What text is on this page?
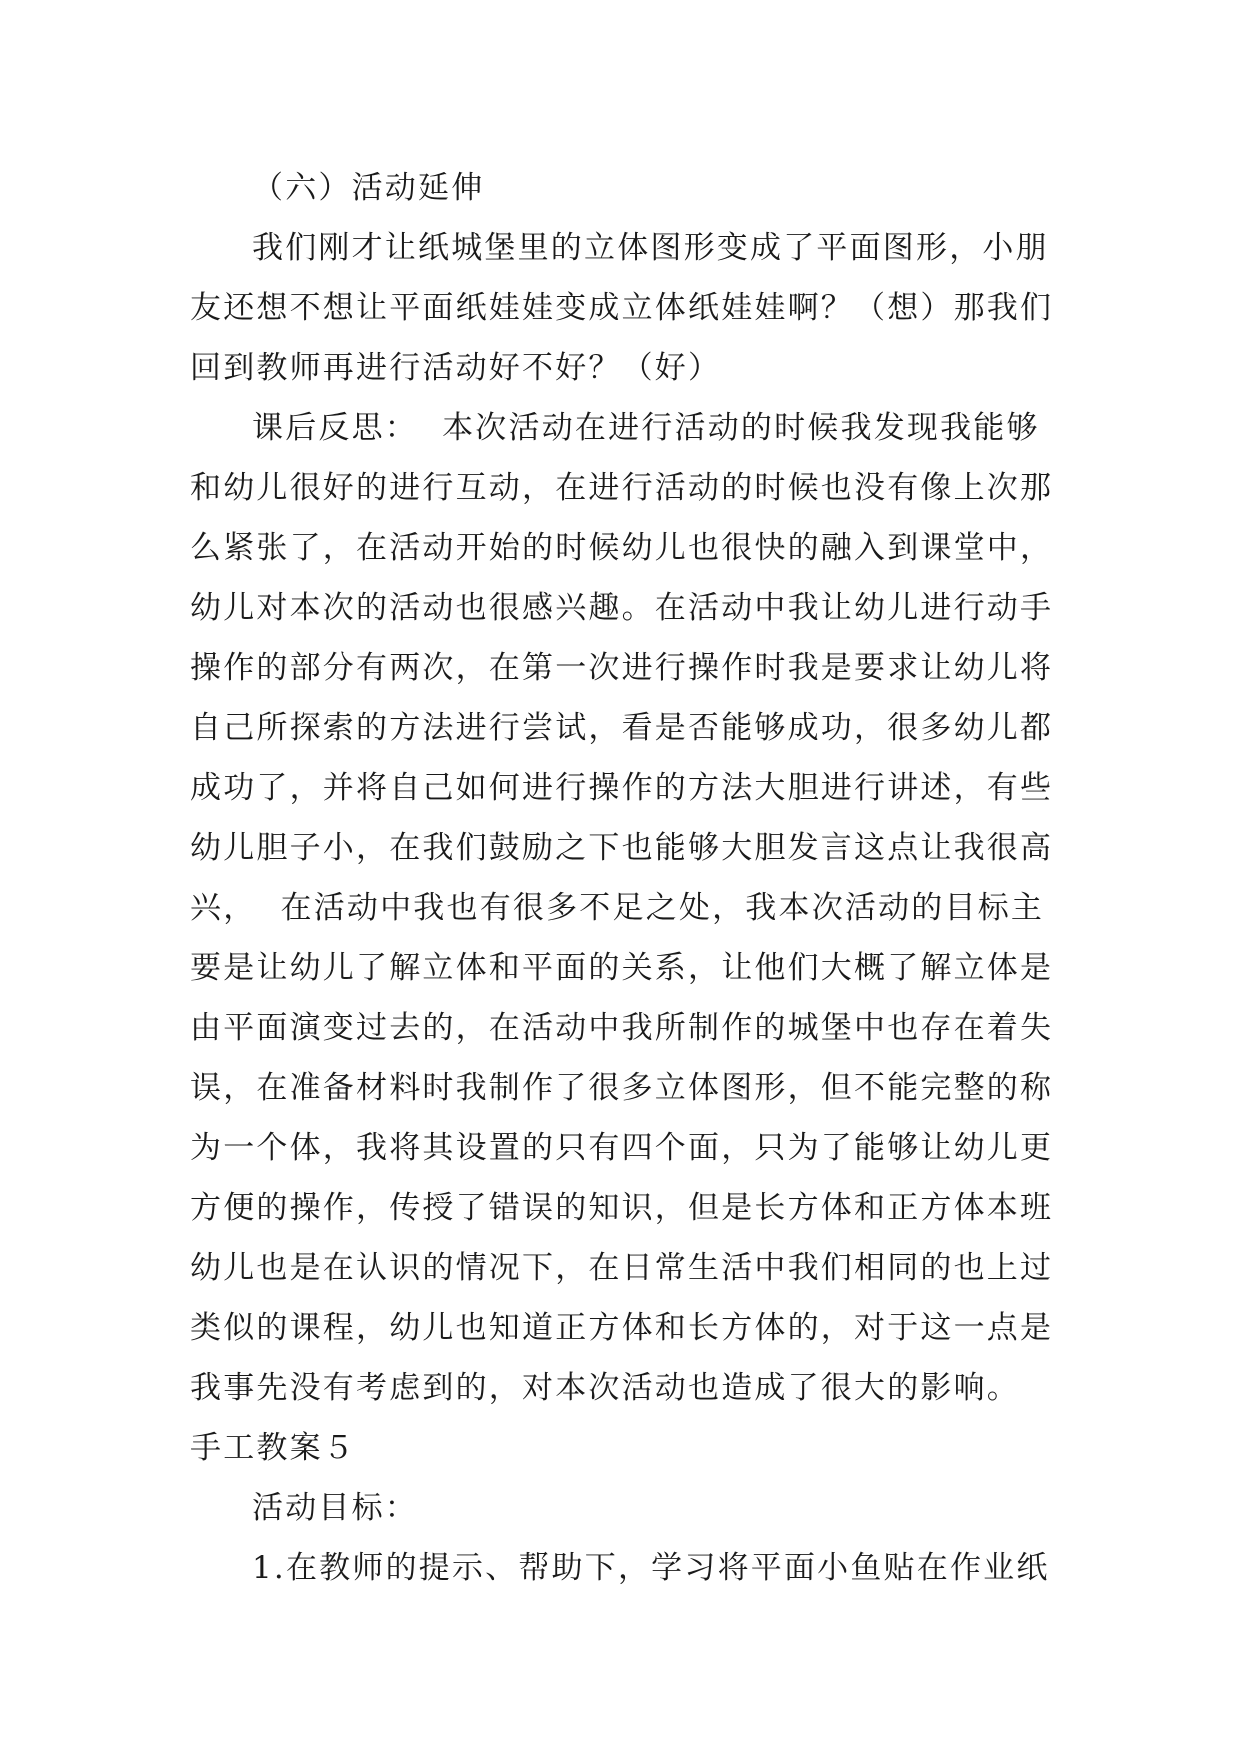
（六）活动延伸

我们刚才让纸城堡里的立体图形变成了平面图形，小朋

友还想不想让平面纸娃娃变成立体纸娃娃啊？（想）那我们

回到教师再进行活动好不好？（好）

课后反思：  本次活动在进行活动的时候我发现我能够

和幼儿很好的进行互动，在进行活动的时候也没有像上次那

么紧张了，在活动开始的时候幼儿也很快的融入到课堂中，

幼儿对本次的活动也很感兴趣。在活动中我让幼儿进行动手

操作的部分有两次，在第一次进行操作时我是要求让幼儿将

自己所探索的方法进行尝试，看是否能够成功，很多幼儿都

成功了，并将自己如何进行操作的方法大胆进行讲述，有些

幼儿胆子小，在我们鼓励之下也能够大胆发言这点让我很高

兴，  在活动中我也有很多不足之处，我本次活动的目标主

要是让幼儿了解立体和平面的关系，让他们大概了解立体是

由平面演变过去的，在活动中我所制作的城堡中也存在着失

误，在准备材料时我制作了很多立体图形，但不能完整的称

为一个体，我将其设置的只有四个面，只为了能够让幼儿更

方便的操作，传授了错误的知识，但是长方体和正方体本班

幼儿也是在认识的情况下，在日常生活中我们相同的也上过

类似的课程，幼儿也知道正方体和长方体的，对于这一点是

我事先没有考虑到的，对本次活动也造成了很大的影响。

手工教案５

活动目标：

1.在教师的提示、帮助下，学习将平面小鱼贴在作业纸
